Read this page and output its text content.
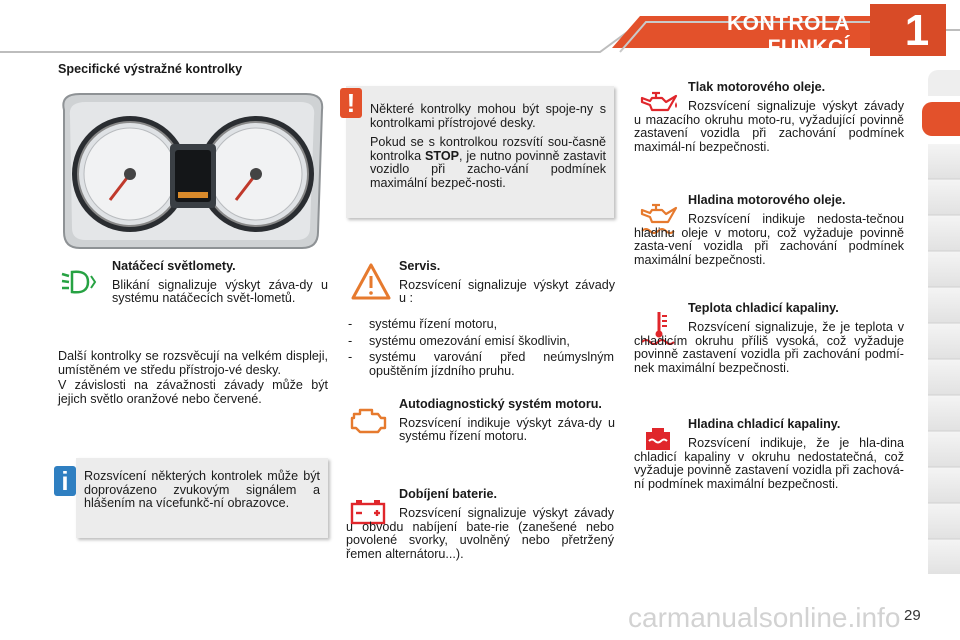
KONTROLA FUNKCÍ	1
Specifické výstražné kontrolky
!	Některé kontrolky mohou být spoje-ny s kontrolkami přístrojové desky.

Pokud se s kontrolkou rozsvítí sou-časně kontrolka STOP, je nutno povinně zastavit vozidlo při zacho-vání podmínek maximální bezpeč-nosti.

Natáčecí světlomety.

Blikání signalizuje výskyt záva-dy u systému natáčecích svět-lometů.

Další kontrolky se rozsvěcují na velkém displeji, umístěném ve středu přístrojo-vé desky.

V závislosti na závažnosti závady může být jejich světlo oranžové nebo červené.

i	Rozsvícení některých kontrolek může být doprovázeno zvukovým signálem a hlášením na vícefunkč-ní obrazovce.

Servis.

Rozsvícení signalizuje výskyt závady u :

- systému řízení motoru,
- systému omezování emisí škodlivin,
- systému varování před neúmyslným opuštěním jízdního pruhu.

Autodiagnostický systém motoru.

Rozsvícení indikuje výskyt záva-dy u systému řízení motoru.

Dobíjení baterie.

Rozsvícení signalizuje výskyt závady u obvodu nabíjení bate-rie (zanešené nebo povolené svorky, uvolněný nebo přetržený řemen alternátoru...).

Tlak motorového oleje.

Rozsvícení signalizuje výskyt závady u mazacího okruhu moto-ru, vyžadující povinně zastavení vozidla při zachování podmínek maximál-ní bezpečnosti.

Hladina motorového oleje.

Rozsvícení indikuje nedosta-tečnou hladinu oleje v motoru, což vyžaduje povinně zasta-vení vozidla při zachování podmínek maximální bezpečnosti.

Teplota chladicí kapaliny.

Rozsvícení signalizuje, že je teplota v chladicím okruhu příliš vysoká, což vyžaduje povinně zastavení vozidla při zachování podmí-nek maximální bezpečnosti.

Hladina chladicí kapaliny.

Rozsvícení indikuje, že je hla-dina chladicí kapaliny v okruhu nedostatečná, což vyžaduje povinně zastavení vozidla při zachová-ní podmínek maximální bezpečnosti.
29
carmanualsonline.info
